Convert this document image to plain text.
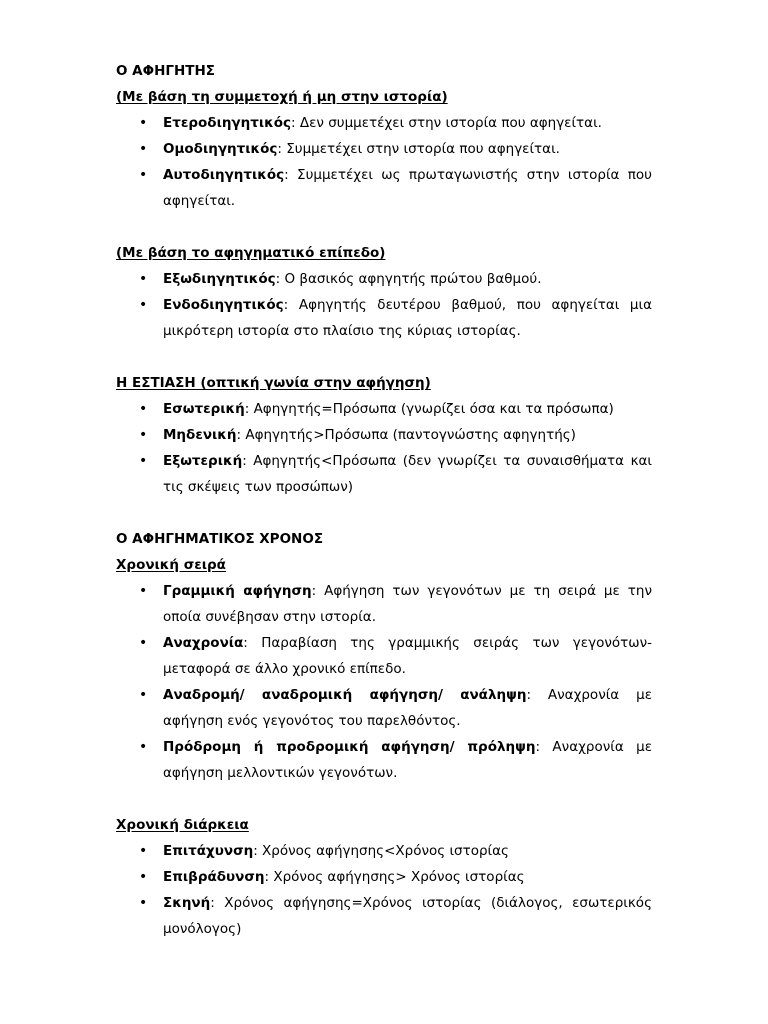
Ο ΑΦΗΓΗΤΗΣ
(Με βάση τη συμμετοχή ή μη στην ιστορία)
• Ετεροδιηγητικός: Δεν συμμετέχει στην ιστορία που αφηγείται.
• Ομοδιηγητικός: Συμμετέχει στην ιστορία που αφηγείται.
• Αυτοδιηγητικός: Συμμετέχει ως πρωταγωνιστής στην ιστορία που αφηγείται.
(Με βάση το αφηγηματικό επίπεδο)
• Εξωδιηγητικός: Ο βασικός αφηγητής πρώτου βαθμού.
• Ενδοδιηγητικός: Αφηγητής δευτέρου βαθμού, που αφηγείται μια μικρότερη ιστορία στο πλαίσιο της κύριας ιστορίας.
Η ΕΣΤΙΑΣΗ (οπτική γωνία στην αφήγηση)
• Εσωτερική: Αφηγητής=Πρόσωπα (γνωρίζει όσα και τα πρόσωπα)
• Μηδενική: Αφηγητής>Πρόσωπα (παντογνώστης αφηγητής)
• Εξωτερική: Αφηγητής<Πρόσωπα (δεν γνωρίζει τα συναισθήματα και τις σκέψεις των προσώπων)
Ο ΑΦΗΓΗΜΑΤΙΚΟΣ ΧΡΟΝΟΣ
Χρονική σειρά
• Γραμμική αφήγηση: Αφήγηση των γεγονότων με τη σειρά με την οποία συνέβησαν στην ιστορία.
• Αναχρονία: Παραβίαση της γραμμικής σειράς των γεγονότων- μεταφορά σε άλλο χρονικό επίπεδο.
• Αναδρομή/ αναδρομική αφήγηση/ ανάληψη: Αναχρονία με αφήγηση ενός γεγονότος του παρελθόντος.
• Πρόδρομη ή προδρομική αφήγηση/ πρόληψη: Αναχρονία με αφήγηση μελλοντικών γεγονότων.
Χρονική διάρκεια
• Επιτάχυνση: Χρόνος αφήγησης<Χρόνος ιστορίας
• Επιβράδυνση: Χρόνος αφήγησης> Χρόνος ιστορίας
• Σκηνή: Χρόνος αφήγησης=Χρόνος ιστορίας (διάλογος, εσωτερικός μονόλογος)
